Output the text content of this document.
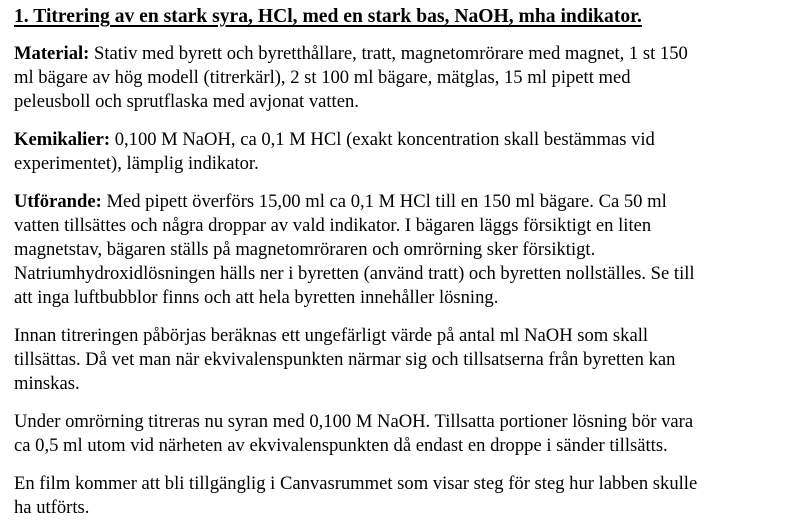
1. Titrering av en stark syra, HCl, med en stark bas, NaOH, mha indikator.
Material: Stativ med byrett och byretthållare, tratt, magnetomrörare med magnet, 1 st 150
ml bägare av hög modell (titrerkärl), 2 st 100 ml bägare, mätglas, 15 ml pipett med
peleusboll och sprutflaska med avjonat vatten.
Kemikalier: 0,100 M NaOH, ca 0,1 M HCl (exakt koncentration skall bestämmas vid
experimentet), lämplig indikator.
Utförande: Med pipett överförs 15,00 ml ca 0,1 M HCl till en 150 ml bägare. Ca 50 ml
vatten tillsättes och några droppar av vald indikator. I bägaren läggs försiktigt en liten
magnetstav, bägaren ställs på magnetomröraren och omrörning sker försiktigt.
Natriumhydroxidlösningen hälls ner i byretten (använd tratt) och byretten nollställes. Se till
att inga luftbubblor finns och att hela byretten innehåller lösning.
Innan titreringen påbörjas beräknas ett ungefärligt värde på antal ml NaOH som skall
tillsättas. Då vet man när ekvivalenspunkten närmar sig och tillsatserna från byretten kan
minskas.
Under omrörning titreras nu syran med 0,100 M NaOH. Tillsatta portioner lösning bör vara
ca 0,5 ml utom vid närheten av ekvivalenspunkten då endast en droppe i sänder tillsätts.
En film kommer att bli tillgänglig i Canvasrummet som visar steg för steg hur labben skulle
ha utförts.
